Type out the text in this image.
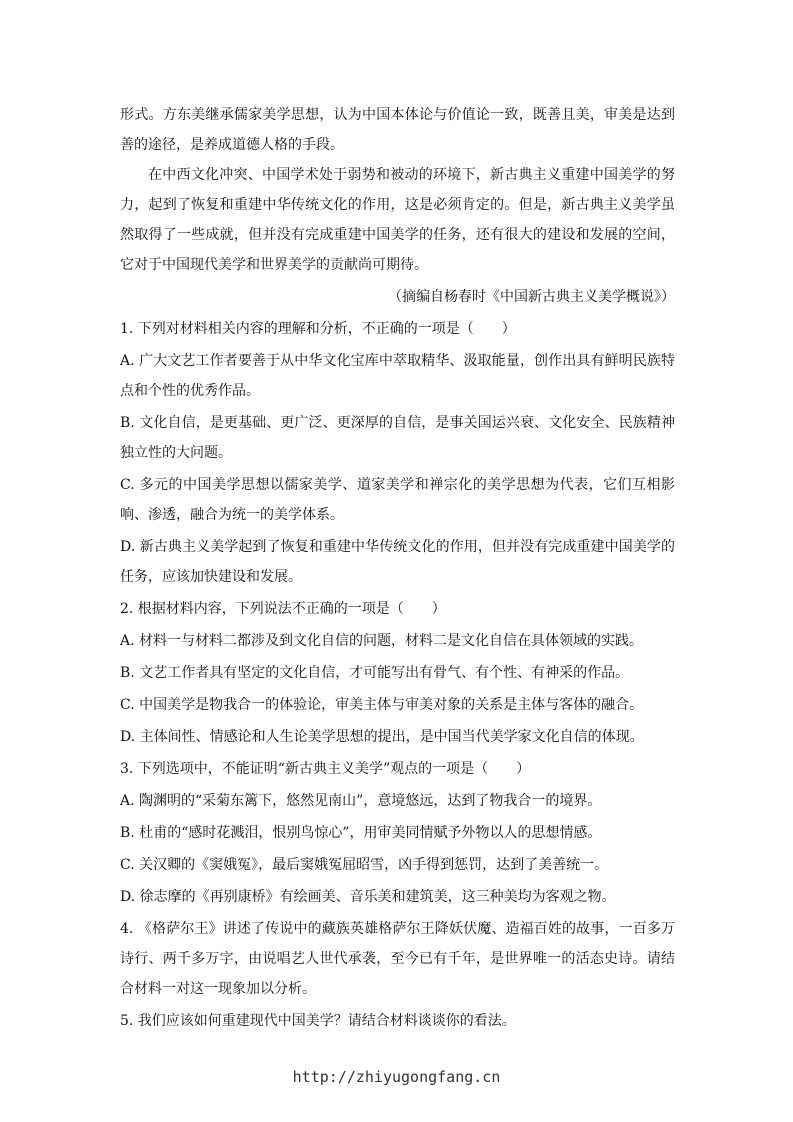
形式。方东美继承儒家美学思想，认为中国本体论与价值论一致，既善且美，审美是达到善的途径，是养成道德人格的手段。

在中西文化冲突、中国学术处于弱势和被动的环境下，新古典主义重建中国美学的努力，起到了恢复和重建中华传统文化的作用，这是必须肯定的。但是，新古典主义美学虽然取得了一些成就，但并没有完成重建中国美学的任务，还有很大的建设和发展的空间，它对于中国现代美学和世界美学的贡献尚可期待。

（摘编自杨春时《中国新古典主义美学概说》）

1. 下列对材料相关内容的理解和分析，不正确的一项是（　　）

A. 广大文艺工作者要善于从中华文化宝库中萃取精华、汲取能量，创作出具有鲜明民族特点和个性的优秀作品。

B. 文化自信，是更基础、更广泛、更深厚的自信，是事关国运兴衰、文化安全、民族精神独立性的大问题。

C. 多元的中国美学思想以儒家美学、道家美学和禅宗化的美学思想为代表，它们互相影响、渗透，融合为统一的美学体系。

D. 新古典主义美学起到了恢复和重建中华传统文化的作用，但并没有完成重建中国美学的任务，应该加快建设和发展。

2. 根据材料内容，下列说法不正确的一项是（　　）

A. 材料一与材料二都涉及到文化自信的问题，材料二是文化自信在具体领域的实践。

B. 文艺工作者具有坚定的文化自信，才可能写出有骨气、有个性、有神采的作品。

C. 中国美学是物我合一的体验论，审美主体与审美对象的关系是主体与客体的融合。

D. 主体间性、情感论和人生论美学思想的提出，是中国当代美学家文化自信的体现。

3. 下列选项中，不能证明“新古典主义美学”观点的一项是（　　）

A. 陶渊明的“采菊东篱下，悠然见南山”，意境悠远，达到了物我合一的境界。

B. 杜甫的“感时花溅泪，恨别鸟惊心”，用审美同情赋予外物以人的思想情感。

C. 关汉卿的《窦娥冤》，最后窦娥冤屈昭雪，凶手得到惩罚，达到了美善统一。

D. 徐志摩的《再别康桥》有绘画美、音乐美和建筑美，这三种美均为客观之物。

4. 《格萨尔王》讲述了传说中的藏族英雄格萨尔王降妖伏魔、造福百姓的故事，一百多万诗行、两千多万字，由说唱艺人世代承袭，至今已有千年，是世界唯一的活态史诗。请结合材料一对这一现象加以分析。

5. 我们应该如何重建现代中国美学？请结合材料谈谈你的看法。

http://zhiyugongfang.cn
